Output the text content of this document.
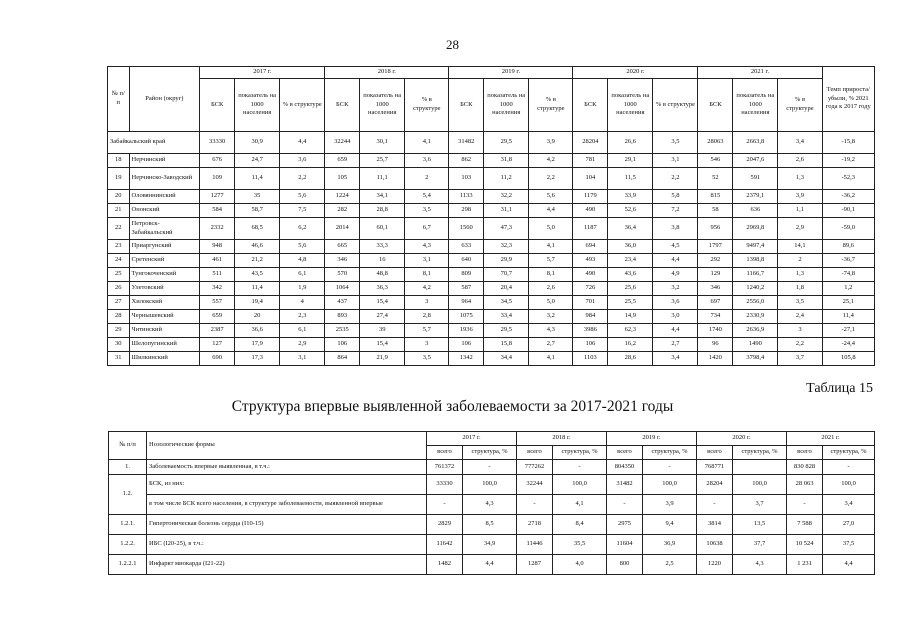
28
№ п/п	Район (округ)	2017 г.			2018 г.			2019 г.			2020 г.			2021 г.			Темп прироста/ убыли, % 2021 года к 2017 году
		БСК	показатель на 1000 населения	% в структуре	БСК	показатель на 1000 населения	% в структуре	БСК	показатель на 1000 населения	% в структуре	БСК	показатель на 1000 населения	% в структуре	БСК	показатель на 1000 населения	% в структуре	
Забайкальский край		33330	30,9	4,4	32244	30,1	4,1	31482	29,5	3,9	28204	26,6	3,5	28063	2663,8	3,4	-15,8
18	Нерчинский	676	24,7	3,6	659	25,7	3,6	862	31,8	4,2	781	29,1	3,1	546	2047,6	2,6	-19,2
19	Нерчинско-Заводский	109	11,4	2,2	105	11,1	2	103	11,2	2,2	104	11,5	2,2	52	591	1,3	-52,3
20	Оловяннинский	1277	35	5,6	1224	34,1	5,4	1133	32,2	5,6	1179	33,9	5,8	815	2379,1	3,9	-36,2
21	Ононский	584	58,7	7,5	282	28,8	3,5	298	31,1	4,4	490	52,6	7,2	58	636	1,1	-90,1
22	Петровск-Забайкальский	2332	68,5	6,2	2014	60,1	6,7	1560	47,3	5,0	1187	36,4	3,8	956	2969,8	2,9	-59,0
23	Приаргунский	948	46,6	5,6	665	33,3	4,3	633	32,3	4,1	694	36,0	4,5	1797	9497,4	14,1	89,6
24	Сретенский	461	21,2	4,8	346	16	3,1	640	29,9	5,7	493	23,4	4,4	292	1398,8	2	-36,7
25	Тунгокоченский	511	43,5	6,1	570	48,8	8,1	809	70,7	8,1	490	43,6	4,9	129	1166,7	1,3	-74,8
26	Улетовский	342	11,4	1,9	1064	36,3	4,2	587	20,4	2,6	726	25,6	3,2	346	1240,2	1,8	1,2
27	Хилокский	557	19,4	4	437	15,4	3	964	34,5	5,0	701	25,5	3,6	697	2556,0	3,5	25,1
28	Чернышевский	659	20	2,3	893	27,4	2,8	1075	33,4	3,2	984	14,9	3,0	734	2330,9	2,4	11,4
29	Читинский	2387	36,6	6,1	2535	39	5,7	1936	29,5	4,3	3986	62,3	4,4	1740	2636,9	3	-27,1
30	Шелопугинский	127	17,9	2,9	106	15,4	3	106	15,8	2,7	106	16,2	2,7	96	1490	2,2	-24,4
31	Шилкинский	690	17,3	3,1	864	21,9	3,5	1342	34,4	4,1	1103	28,6	3,4	1420	3798,4	3,7	105,8
Таблица 15
Структура впервые выявленной заболеваемости за 2017-2021 годы
№ п/п	Нозологические формы	2017 г.		2018 г.		2019 г.		2020 г.		2021 г.	
		всего	структура, %	всего	структура, %	всего	структура, %	всего	структура, %	всего	структура, %
1.	Заболеваемость впервые выявленная, в т.ч.:	761372	-	777262	-	804350	-	768771		830 828	-
1.2.	БСК, из них:	33330	100,0	32244	100,0	31482	100,0	28204	100,0	28 063	100,0
	в том числе БСК всего населения, в структуре заболеваемости, выявленной впервые	-	4,3	-	4,1	-	3,9	-	3,7	-	3,4
1.2.1.	Гипертоническая болезнь сердца (I10-15)	2829	8,5	2718	8,4	2975	9,4	3814	13,5	7 588	27,0
1.2.2.	ИБС (I20-25), в т.ч.:	11642	34,9	11446	35,5	11604	36,9	10638	37,7	10 524	37,5
1.2.2.1	Инфаркт миокарда (I21-22)	1482	4,4	1287	4,0	800	2,5	1220	4,3	1 231	4,4
